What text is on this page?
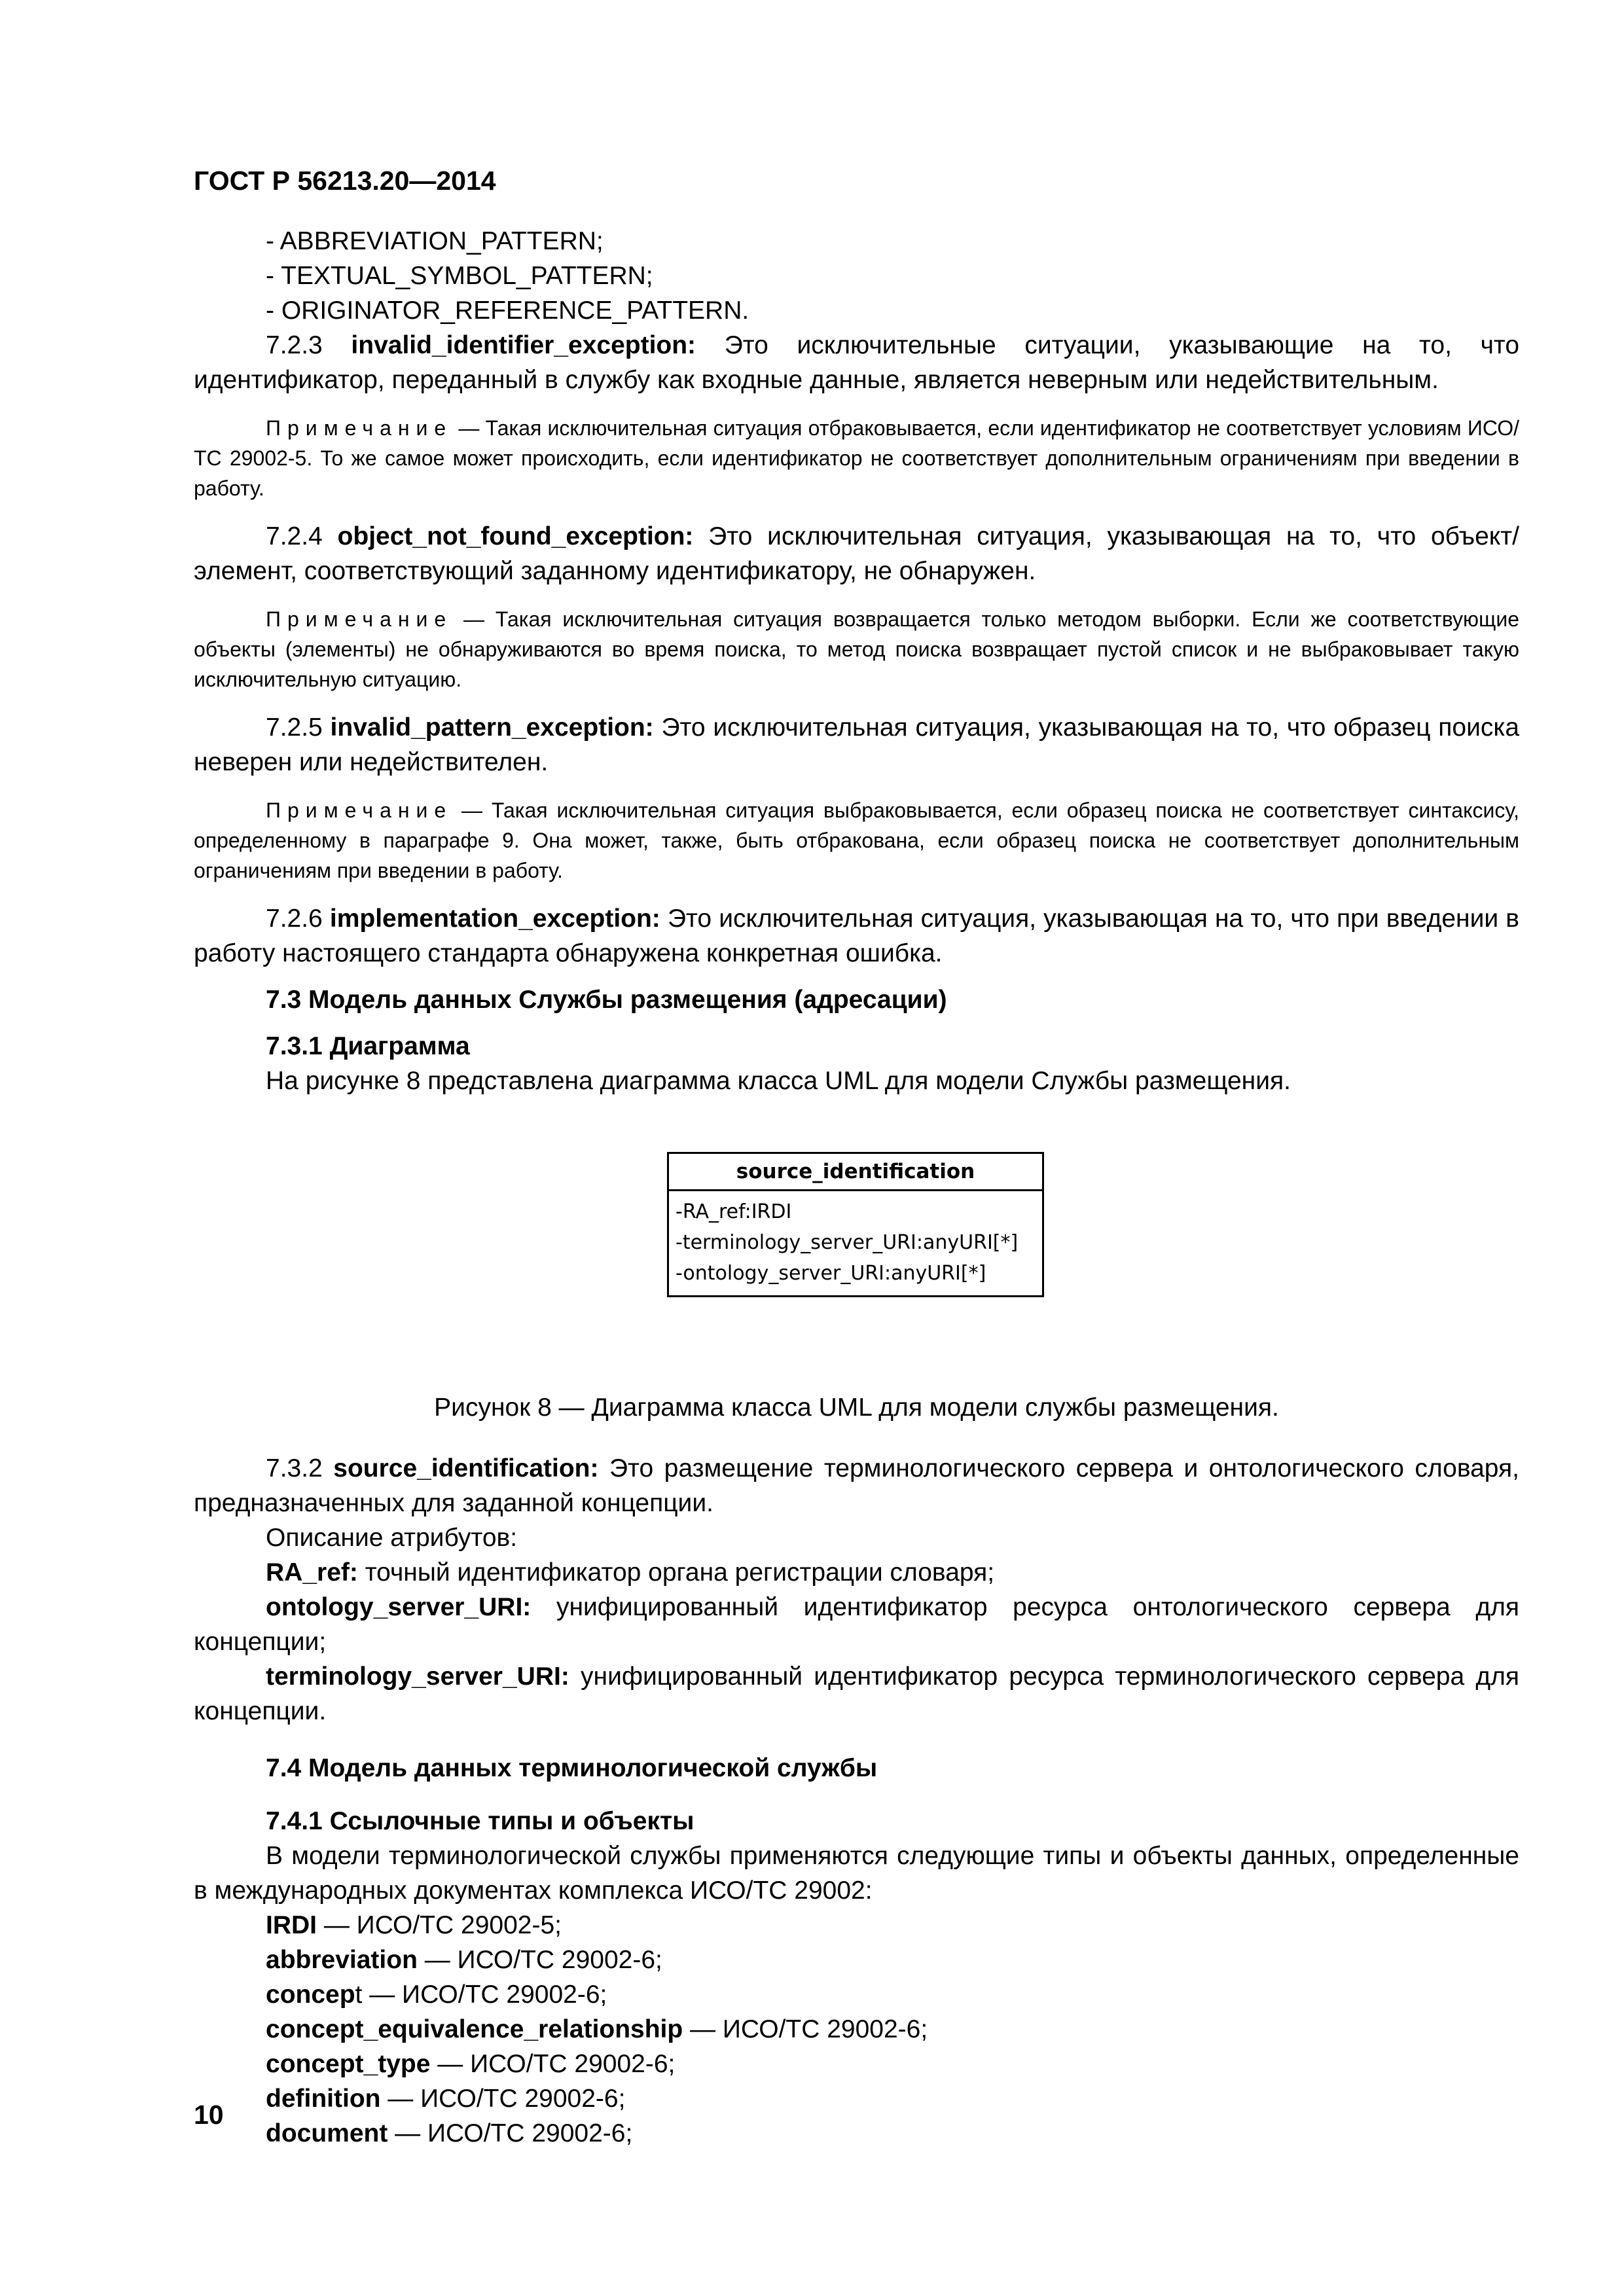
ГОСТ Р 56213.20—2014

- ABBREVIATION_PATTERN;

- TEXTUAL_SYMBOL_PATTERN;

- ORIGINATOR_REFERENCE_PATTERN.

7.2.3 invalid_identifier_exception: Это исключительные ситуации, указывающие на то, что идентификатор, переданный в службу как входные данные, является неверным или недействительным.

Примечание — Такая исключительная ситуация отбраковывается, если идентификатор не соответствует условиям ИСО/ТС 29002-5. То же самое может происходить, если идентификатор не соответствует дополнительным ограничениям при введении в работу.

7.2.4 object_not_found_exception: Это исключительная ситуация, указывающая на то, что объект/элемент, соответствующий заданному идентификатору, не обнаружен.

Примечание — Такая исключительная ситуация возвращается только методом выборки. Если же соответствующие объекты (элементы) не обнаруживаются во время поиска, то метод поиска возвращает пустой список и не выбраковывает такую исключительную ситуацию.

7.2.5 invalid_pattern_exception: Это исключительная ситуация, указывающая на то, что образец поиска неверен или недействителен.

Примечание — Такая исключительная ситуация выбраковывается, если образец поиска не соответствует синтаксису, определенному в параграфе 9. Она может, также, быть отбракована, если образец поиска не соответствует дополнительным ограничениям при введении в работу.

7.2.6 implementation_exception: Это исключительная ситуация, указывающая на то, что при введении в работу настоящего стандарта обнаружена конкретная ошибка.

7.3 Модель данных Службы размещения (адресации)
7.3.1 Диаграмма

На рисунке 8 представлена диаграмма класса UML для модели Службы размещения.

source_identification
-RA_ref:IRDI
-terminology_server_URI:anyURI[*]
-ontology_server_URI:anyURI[*]
Рисунок 8 — Диаграмма класса UML для модели службы размещения.

7.3.2 source_identification: Это размещение терминологического сервера и онтологического словаря, предназначенных для заданной концепции.

Описание атрибутов:

RA_ref: точный идентификатор органа регистрации словаря;

ontology_server_URI: унифицированный идентификатор ресурса онтологического сервера для концепции;

terminology_server_URI: унифицированный идентификатор ресурса терминологического сервера для концепции.

7.4 Модель данных терминологической службы
7.4.1 Ссылочные типы и объекты

В модели терминологической службы применяются следующие типы и объекты данных, определенные в международных документах комплекса ИСО/ТС 29002:

IRDI — ИСО/ТС 29002-5;

abbreviation — ИСО/ТС 29002-6;

concept — ИСО/ТС 29002-6;

concept_equivalence_relationship — ИСО/ТС 29002-6;

concept_type — ИСО/ТС 29002-6;

definition — ИСО/ТС 29002-6;

document — ИСО/ТС 29002-6;

10
